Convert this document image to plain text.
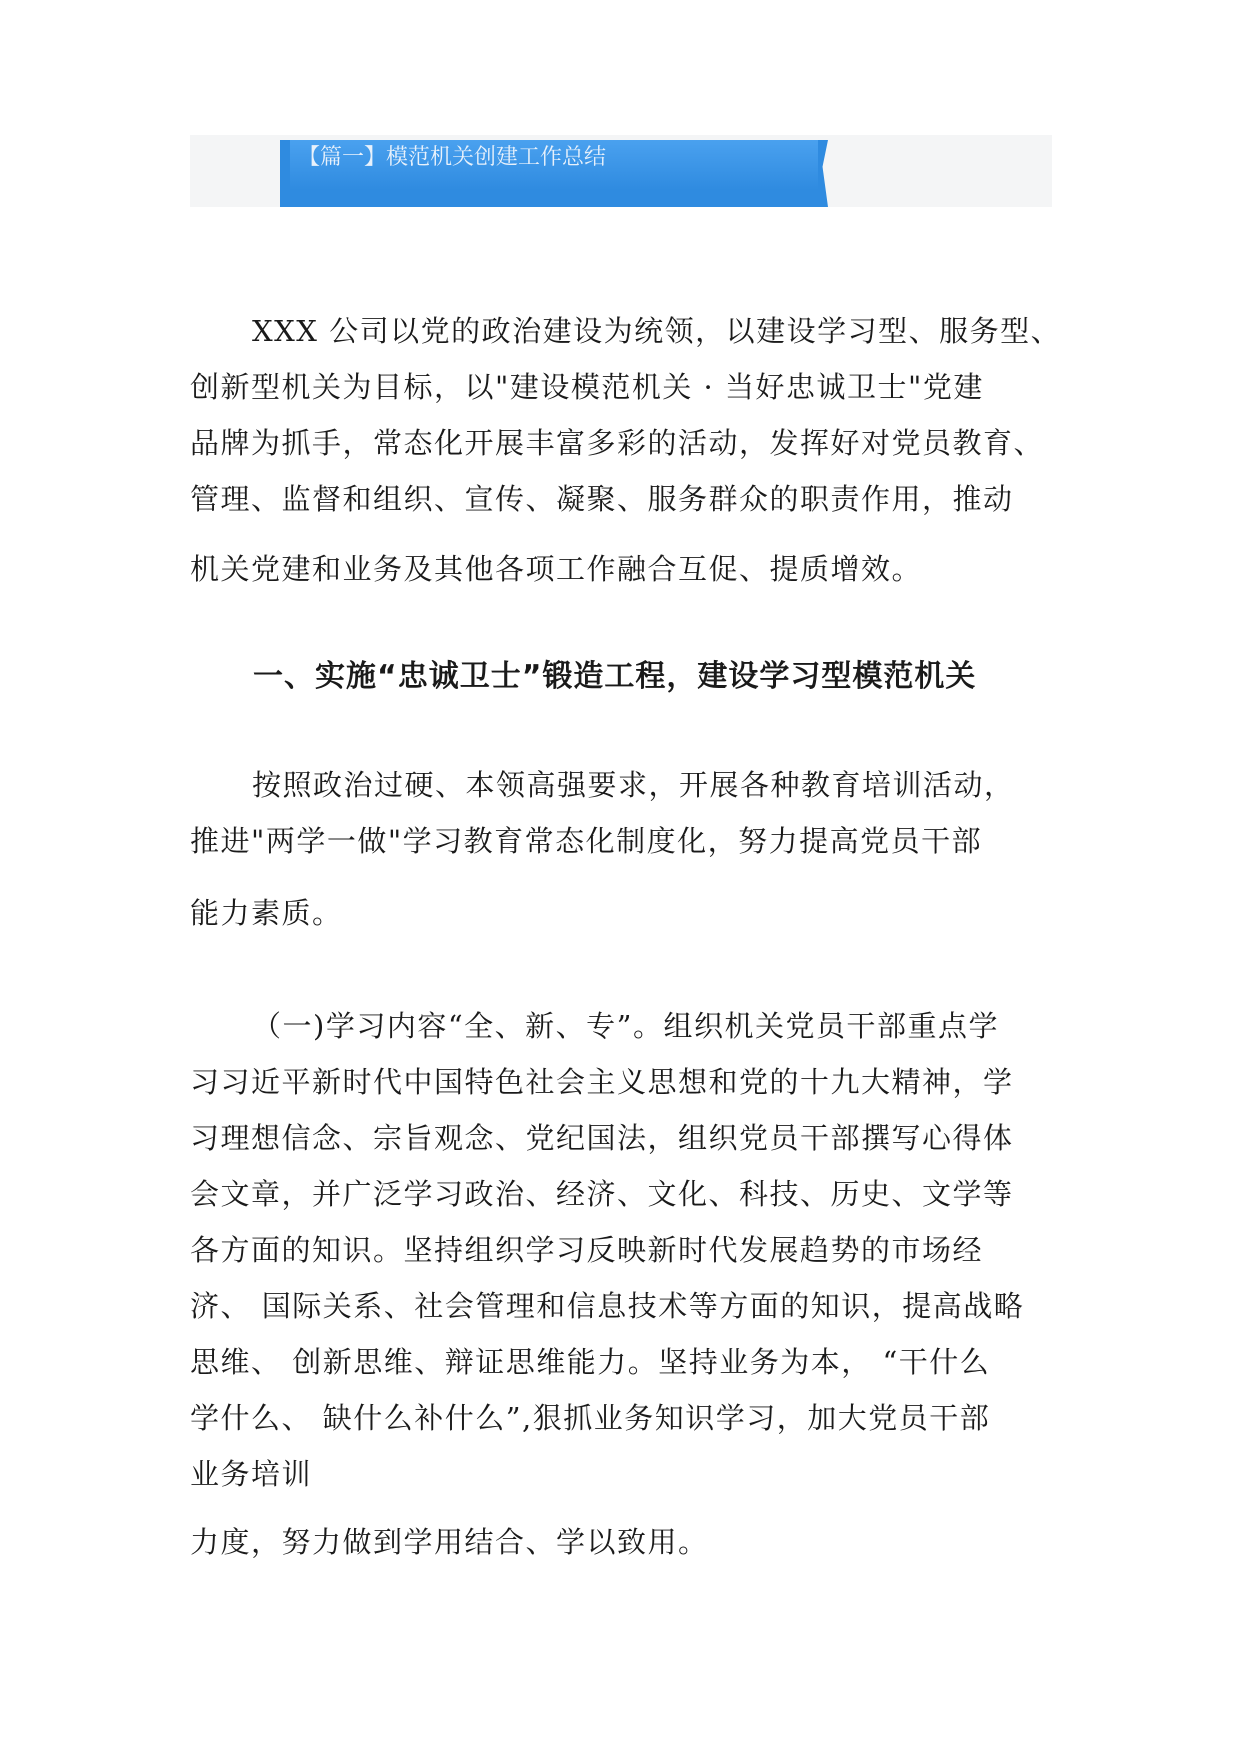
【篇一】模范机关创建工作总结
XXX 公司以党的政治建设为统领，以建设学习型、服务型、
创新型机关为目标，以"建设模范机关 · 当好忠诚卫士"党建
品牌为抓手，常态化开展丰富多彩的活动，发挥好对党员教育、
管理、监督和组织、宣传、凝聚、服务群众的职责作用，推动
机关党建和业务及其他各项工作融合互促、提质增效。
一、实施“忠诚卫士”锻造工程，建设学习型模范机关
按照政治过硬、本领高强要求，开展各种教育培训活动，
推进"两学一做"学习教育常态化制度化，努力提高党员干部
能力素质。
（一)学习内容“全、新、专”。组织机关党员干部重点学
习习近平新时代中国特色社会主义思想和党的十九大精神，学
习理想信念、宗旨观念、党纪国法，组织党员干部撰写心得体
会文章，并广泛学习政治、经济、文化、科技、历史、文学等
各方面的知识。坚持组织学习反映新时代发展趋势的市场经
济、 国际关系、社会管理和信息技术等方面的知识，提高战略
思维、 创新思维、辩证思维能力。坚持业务为本， “干什么
学什么、 缺什么补什么”,狠抓业务知识学习，加大党员干部
业务培训
力度，努力做到学用结合、学以致用。
